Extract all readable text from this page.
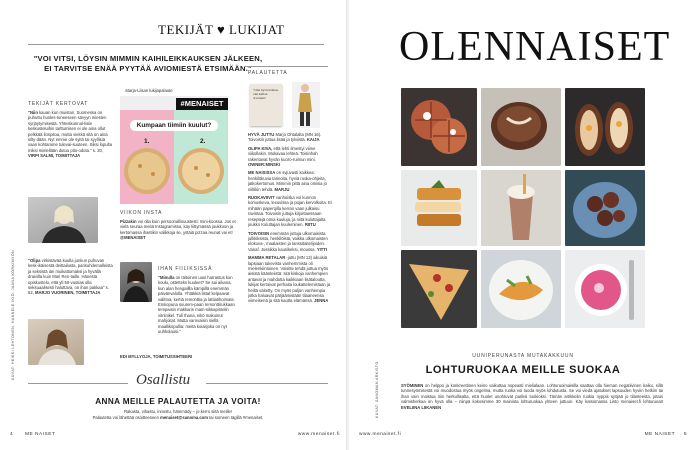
TEKIJÄT ♥ LUKIJAT
"VOI VITSI, LÖYSIN MIMMIN KAIHILEIKKAUKSEN JÄLKEEN, EI TARVITSE ENÄÄ PYYTÄÄ AVIOMIESTÄ ETSIMÄÄN."
Marja-Liisan lukijapalaute
TEKIJÄT KERTOVAT
"Niin kauan kun muistan, Suomessa on puhuttu huoles-tuneeseen sävyyn miesten syrjäytymisestä. Yhteiskunnal-lisiin keskusteluihin tarttumisen ei ole aina ollut pelkkää ilonpitoa, mutta viekkä sitä on aina silty-dään. Nyt emme ole syitä tai syyllisiä vaan kohtamme tulevai-suuteen. Siksi lopulta miksi mielellään dutuu pito-odota." s. 20, VIRPI SALMI, TOIMITTAJA
"Olipa virkistävää kuulla junkun puhuvan kesk-ikäisestä deittailusta, parisuhdemalleista ja seksistä iän muikattomaksi ja hyvällä draivilla kuin Mari Ren-taille. Hänestä opiskustelu, että yli 50-vuotias olla seksuaalisesti haluttava, on ihan pakkaa" s. 62, MARJO VUORINEN, TOIMITTAJA
KUVAT: HEIKKI LEHTONEN, HANNELE IKIÖ, JAANA KORKIMYÖN
#MENAISET
Kumpaan tiimiin kuulut?
1.	2.
VIIKON INSTA
Pizzakin voi olla kuin persoonallisuustesti: mini-koossa. Jos et vielä seuraa meitä Instagramissa, käy liittymässä joukkoon ja kertomassa ihastikin valikkoja se, ystäiä pizzaa reunat vai et! @MENAISET
IHAN FIILIKSISSÄ
"Minulla on täitoinen uusi harrastus kun koulu, ostetteks kuuleet? Se sai aikana, kun alan hengaillla kämpillä enemmän päivänvalolla. Yhtäkkiä listat kelpaavat valittoa, kertiä remonttia ja lattiatihoimate. Ensiopuna suurem-paan remonttirukkaan tempaisin makkarin mam-sikkapintelin vitriinikel. Tuli Ihana, eikö makuinut mahjoitat. Mutta varovaisin siellä maallikopullia: meitä koiaitjoka on nyt uuhkolausi."
EDI MYLLYOJA, TOIMITUSSIHTEERI
PALAUTETTA
"Olet hyvä nainen, olet kullan arvoinen"
HYVÄ JUTTU Marjo Ohtalalta (MN 16). Toivoisin juttua lisää ja tylviistä. KAIJA
OLIPA KIVA, että lehti ilmestyi viime viikollakin. Mukavaa lehteä. Toisinhah rakentavat hyvän kuoro-ruimun mini. OWNER:MINSKI
ME NAISISSA on svjuvasti kaikkea: henkilökuvia tarinoita, hyviä ruoka-ohjeita, jatkokertomus. Mimmin pittä aina omisia jo niiltikin tehdä. MARJU
RUOKAVIIVIT vanhoiska voi kunnon komuskeva, lexuvissa ja pojan kervolkoita. Ei mihään paperqilla kerran vaan julkaisu ravintaa. Toivoisin juttuja kirjoittaessaan reseptejä omia kuuluja, ja niitä kuluttajalta joukko Kuluttajan kuuleminen. RIITU
TOIVOISIN enemmän juttuja ulkomaisista julkkiksista, henkilöistä, vaikka ulkomaisten elokuva-, maalaisten ja tanssitaitelijoiden. Vanaf. Jussikka kausikeksi, moussa. YITTI
MAMMA RETALAR -juttu (MN 13) aikuisiä lapsiaan tukevista vanhemmista oli mielenkiintoinen. Voisitte tehdä juttua myös aisistä käänteiistä: sitä kiskoja vanhempien antavat ja mahdotta kaikkiaan lisätaloutta, lukijat kertoivat perhaita loukattelemistaan ja heiltä väitetty. On myös paljon vanhempia jotka haluavat pärjäämistään tilaaneensa viimeisenä ja sitä kautta elämänsä. JENNA
Osallistu
ANNA MEILLE PALAUTETTA JA VOITA!
Rakasta, vihastu, innostu, hämmädy – jo kerro siitä meille!
Palautetta voi lähettää osoitteeseen menaiset@sanoma.com tai someen tägillä #menaiset.
4 ME NAISET	www.menaiset.fi
OLENNAISET
KUVAT: SANOMAN ARKISTO
UUNIPERUNASTA MUTAKAKKUUN
LOHTURUOKAA MEILLE SUOKAA
SYÖMINEN on helppo ja konkreettinen keino vaikuttaa nopeasti mielialaan. Lohturuoimaisilla saattaa olla hieman negatiivinen kaiku, sillä tunnesyömisestä voi muodostua myös ongelma, mutta ruoka voi tuoda myös lohdutusta. Se voi viedä ajatukset lapsuuden hyviin hetkiin tai ihan vain maistua niin herkullisalta, että huolet unohtuvat pariksi tuokioksi. Tämän artikkelin ruokia nyppis syöjää jo tilanteesta, jotain valmisherkaa on hyvä olla – niinpä kokosimme 30 mainiota lohturuokaa yhteen juttuun. Käy katsomassa Listo menaiset.fi lohturuoat! EVELIINA LIIKANEN
www.menaiset.fi	5
ME NAISET
